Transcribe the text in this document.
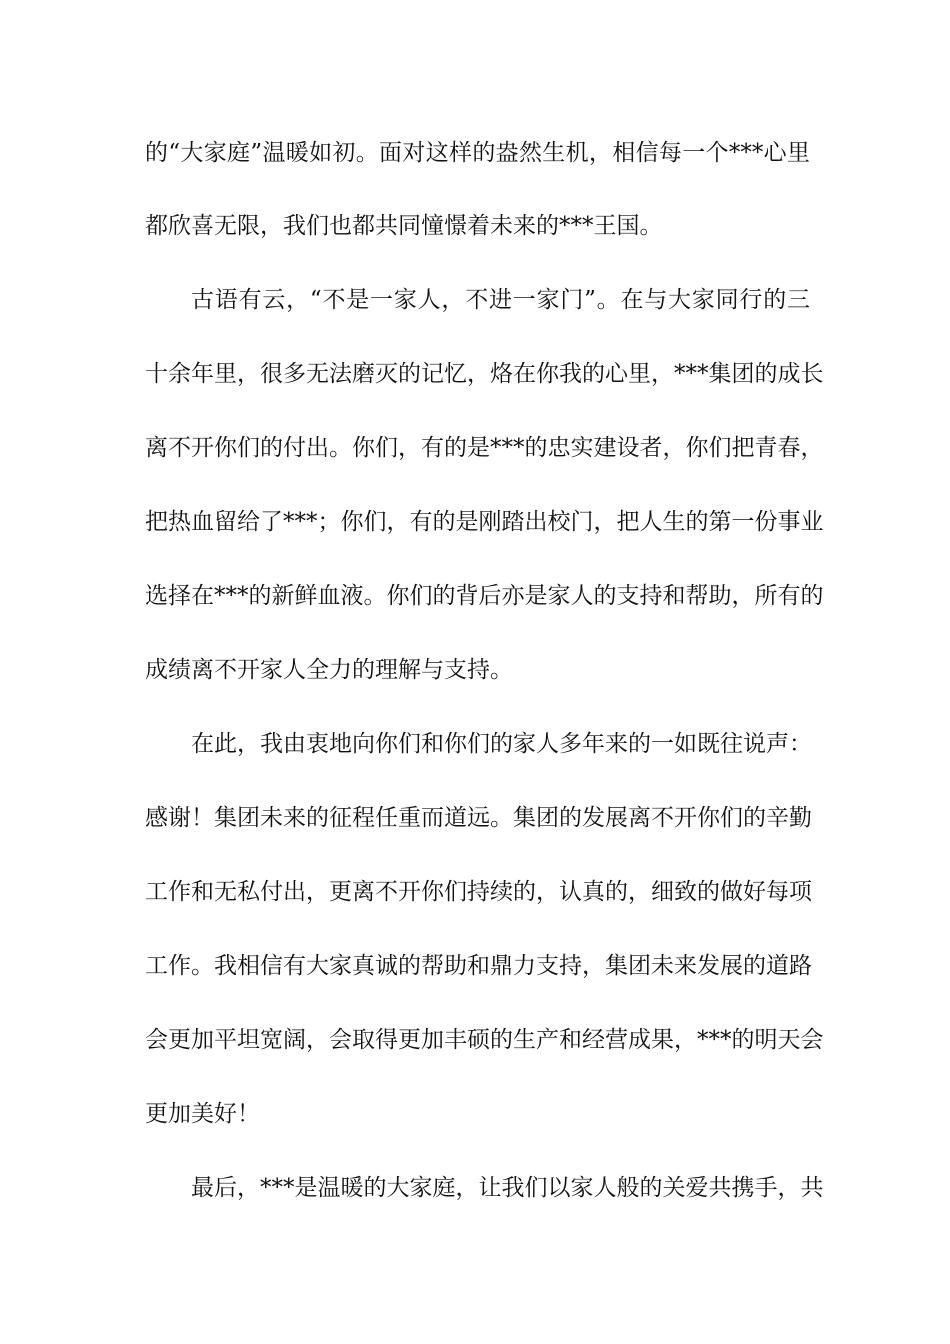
的“大家庭”温暖如初。面对这样的盎然生机，相信每一个***心里
都欣喜无限，我们也都共同憧憬着未来的***王国。
古语有云，“不是一家人，不进一家门”。在与大家同行的三
十余年里，很多无法磨灭的记忆，烙在你我的心里，***集团的成长
离不开你们的付出。你们，有的是***的忠实建设者，你们把青春，
把热血留给了***；你们，有的是刚踏出校门，把人生的第一份事业
选择在***的新鲜血液。你们的背后亦是家人的支持和帮助，所有的
成绩离不开家人全力的理解与支持。
在此，我由衷地向你们和你们的家人多年来的一如既往说声：
感谢！集团未来的征程任重而道远。集团的发展离不开你们的辛勤
工作和无私付出，更离不开你们持续的，认真的，细致的做好每项
工作。我相信有大家真诚的帮助和鼎力支持，集团未来发展的道路
会更加平坦宽阔，会取得更加丰硕的生产和经营成果，***的明天会
更加美好！
最后，***是温暖的大家庭，让我们以家人般的关爱共携手，共
